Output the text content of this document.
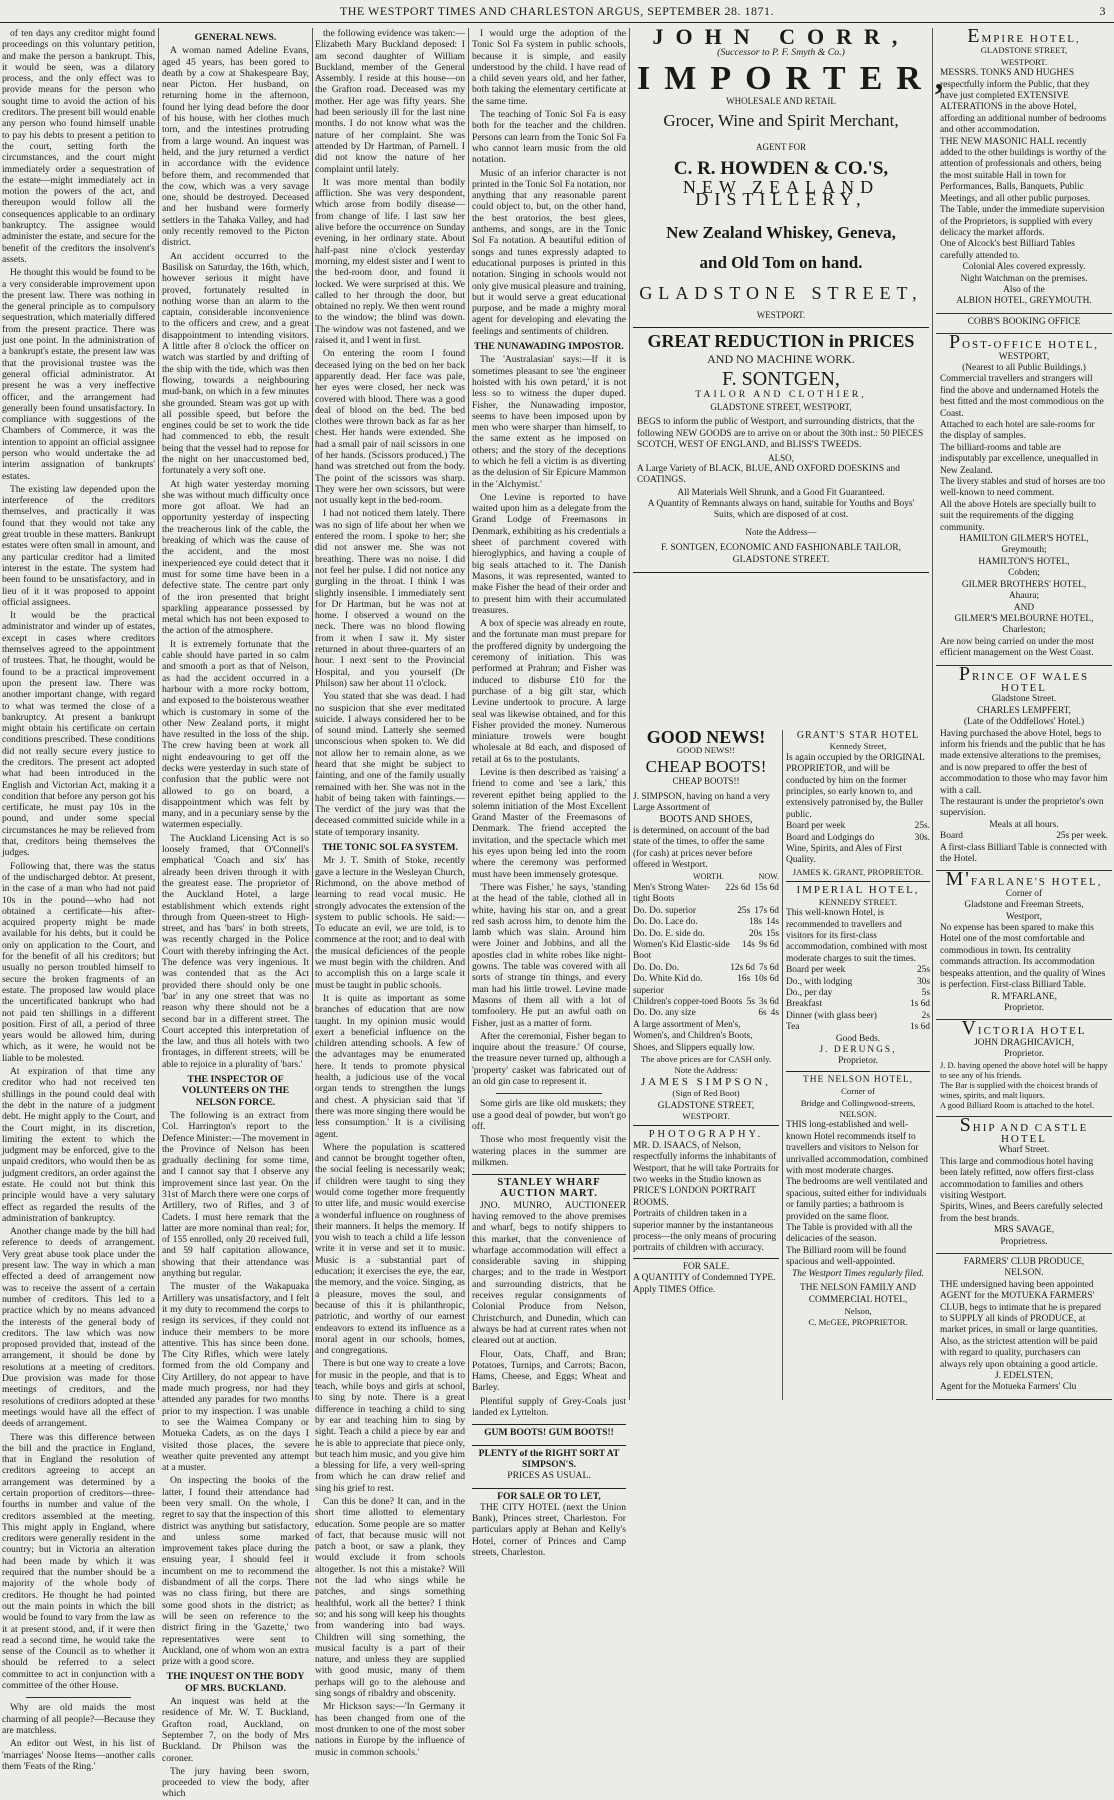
THE WESTPORT TIMES AND CHARLESTON ARGUS, SEPTEMBER 28. 1871.	3

of ten days any creditor might found proceedings on this voluntary petition, and make the person a bankrupt. This, it would be seen, was a dilatory process, and the only effect was to provide means for the person who sought time to avoid the action of his creditors. The present bill would enable any person who found himself unable to pay his debts to present a petition to the court, setting forth the circumstances, and the court might immediately order a sequestration of the estate—might immediately act in motion the powers of the act, and thereupon would follow all the consequences applicable to an ordinary bankruptcy. The assignee would administer the estate, and secure for the benefit of the creditors the insolvent's assets.

He thought this would be found to be a very considerable improvement upon the present law. There was nothing in the general principle as to compulsory sequestration, which materially differed from the present practice. There was just one point. In the administration of a bankrupt's estate, the present law was that the provisional trustee was the general official administrator. At present he was a very ineffective officer, and the arrangement had generally been found unsatisfactory. In compliance with suggestions of the Chambers of Commerce, it was the intention to appoint an official assignee person who would undertake the ad interim assignation of bankrupts' estates.

The existing law depended upon the interference of the creditors themselves, and practically it was found that they would not take any great trouble in these matters. Bankrupt estates were often small in amount, and any particular creditor had a limited interest in the estate. The system had been found to be unsatisfactory, and in lieu of it it was proposed to appoint official assignees.

It would be the practical administrator and winder up of estates, except in cases where creditors themselves agreed to the appointment of trustees. That, he thought, would be found to be a practical improvement upon the present law. There was another important change, with regard to what was termed the close of a bankruptcy. At present a bankrupt might obtain his certificate on certain conditions prescribed. These conditions did not really secure every justice to the creditors. The present act adopted what had been introduced in the English and Victorian Act, making it a condition that before any person got his certificate, he must pay 10s in the pound, and under some special circumstances he may be relieved from that, creditors being themselves the judges.

Following that, there was the status of the undischarged debtor. At present, in the case of a man who had not paid 10s in the pound—who had not obtained a certificate—his after-acquired property might be made available for his debts, but it could be only on application to the Court, and for the benefit of all his creditors; but usually no person troubled himself to secure the broken fragments of an estate. The proposed law would place the uncertificated bankrupt who had not paid ten shillings in a different position. First of all, a period of three years would be allowed him, during which, as it were, he would not be liable to be molested.

At expiration of that time any creditor who had not received ten shillings in the pound could deal with the debt in the nature of a judgment debt. He might apply to the Court, and the Court might, in its discretion, limiting the extent to which the judgment may be enforced, give to the unpaid creditors, who would then be as judgment creditors, an order against the estate. He could not but think this principle would have a very salutary effect as regarded the results of the administration of bankruptcy.

Another change made by the bill had reference to deeds of arrangement. Very great abuse took place under the present law. The way in which a man effected a deed of arrangement now was to receive the assent of a certain number of creditors. This led to a practice which by no means advanced the interests of the general body of creditors. The law which was now proposed provided that, instead of the arrangement, it should be done by resolutions at a meeting of creditors. Due provision was made for those meetings of creditors, and the resolutions of creditors adopted at these meetings would have all the effect of deeds of arrangement.

There was this difference between the bill and the practice in England, that in England the resolution of creditors agreeing to accept an arrangement was determined by a certain proportion of creditors—three-fourths in number and value of the creditors assembled at the meeting. This might apply in England, where creditors were generally resident in the country; but in Victoria an alteration had been made by which it was required that the number should be a majority of the whole body of creditors. He thought he had pointed out the main points in which the bill would be found to vary from the law as it at present stood, and, if it were then read a second time, he would take the sense of the Council as to whether it should be referred to a select committee to act in conjunction with a committee of the other House.

Why are old maids the most charming of all people?—Because they are matchless.

An editor out West, in his list of 'marriages' Noose Items—another calls them 'Feats of the Ring.'

GENERAL NEWS.

A woman named Adeline Evans, aged 45 years, has been gored to death by a cow at Shakespeare Bay, near Picton. Her husband, on returning home in the afternoon, found her lying dead before the door of his house, with her clothes much torn, and the intestines protruding from a large wound. An inquest was held, and the jury returned a verdict in accordance with the evidence before them, and recommended that the cow, which was a very savage one, should be destroyed. Deceased and her husband were formerly settlers in the Tahaka Valley, and had only recently removed to the Picton district.

An accident occurred to the Basilisk on Saturday, the 16th, which, however serious it might have proved, fortunately resulted in nothing worse than an alarm to the captain, considerable inconvenience to the officers and crew, and a great disappointment to intending visitors. A little after 8 o'clock the officer on watch was startled by and drifting of the ship with the tide, which was then flowing, towards a neighbouring mud-bank, on which in a few minutes she grounded. Steam was got up with all possible speed, but before the engines could be set to work the tide had commenced to ebb, the result being that the vessel had to repose for the night on her unaccustomed bed, fortunately a very soft one.

At high water yesterday morning she was without much difficulty once more got afloat. We had an opportunity yesterday of inspecting the treacherous link of the cable, the breaking of which was the cause of the accident, and the most inexperienced eye could detect that it must for some time have been in a defective state. The centre part only of the iron presented that bright sparkling appearance possessed by metal which has not been exposed to the action of the atmosphere.

It is extremely fortunate that the cable should have parted in so calm and smooth a port as that of Nelson, as had the accident occurred in a harbour with a more rocky bottom, and exposed to the boisterous weather which is customary in some of the other New Zealand ports, it might have resulted in the loss of the ship. The crew having been at work all night endeavouring to get off the decks were yesterday in such state of confusion that the public were not allowed to go on board, a disappointment which was felt by many, and in a pecuniary sense by the watermen especially.

The Auckland Licensing Act is so loosely framed, that O'Connell's emphatical 'Coach and six' has already been driven through it with the greatest ease. The proprietor of the Auckland Hotel, a large establishment which extends right through from Queen-street to High-street, and has 'bars' in both streets, was recently charged in the Police Court with thereby infringing the Act. The defence was very ingenious. It was contended that as the Act provided there should only be one 'bar' in any one street that was no reason why there should not be a second bar in a different street. The Court accepted this interpretation of the law, and thus all hotels with two frontages, in different streets, will be able to rejoice in a plurality of 'bars.'

THE INSPECTOR OF VOLUNTEERS ON THE NELSON FORCE.

The following is an extract from Col. Harrington's report to the Defence Minister:—The movement in the Province of Nelson has been gradually declining for some time, and I cannot say that I observe any improvement since last year. On the 31st of March there were one corps of Artillery, two of Rifles, and 3 of Cadets. I must here remark that the latter are more nominal than real; for, of 155 enrolled, only 20 received full, and 59 half capitation allowance, showing that their attendance was anything but regular.

The muster of the Wakapuaka Artillery was unsatisfactory, and I felt it my duty to recommend the corps to resign its services, if they could not induce their members to be more attentive. This has since been done. The City Rifles, which were lately formed from the old Company and City Artillery, do not appear to have made much progress, nor had they attended any parades for two months prior to my inspection. I was unable to see the Waimea Company or Motueka Cadets, as on the days I visited those places, the severe weather quite prevented any attempt at a muster.

On inspecting the books of the latter, I found their attendance had been very small. On the whole, I regret to say that the inspection of this district was anything but satisfactory, and unless some marked improvement takes place during the ensuing year, I should feel it incumbent on me to recommend the disbandment of all the corps. There was no class firing, but there are some good shots in the district; as will be seen on reference to the district firing in the 'Gazette,' two representatives were sent to Auckland, one of whom won an extra prize with a good score.

THE INQUEST ON THE BODY OF MRS. BUCKLAND.

An inquest was held at the residence of Mr. W. T. Buckland, Grafton road, Auckland, on September 7, on the body of Mrs Buckland. Dr Philson was the coroner.

The jury having been sworn, proceeded to view the body, after which

the following evidence was taken:—Elizabeth Mary Buckland deposed: I am second daughter of William Buckland, member of the General Assembly. I reside at this house—on the Grafton road. Deceased was my mother. Her age was fifty years. She had been seriously ill for the last nine months. I do not know what was the nature of her complaint. She was attended by Dr Hartman, of Parnell. I did not know the nature of her complaint until lately.

It was more mental than bodily affliction. She was very despondent, which arose from bodily disease—from change of life. I last saw her alive before the occurrence on Sunday evening, in her ordinary state. About half-past nine o'clock yesterday morning, my eldest sister and I went to the bed-room door, and found it locked. We were surprised at this. We called to her through the door, but obtained no reply. We then went round to the window; the blind was down. The window was not fastened, and we raised it, and I went in first.

On entering the room I found deceased lying on the bed on her back apparently dead. Her face was pale, her eyes were closed, her neck was covered with blood. There was a good deal of blood on the bed. The bed clothes were thrown back as far as her chest. Her hands were extended. She had a small pair of nail scissors in one of her hands. (Scissors produced.) The hand was stretched out from the body. The point of the scissors was sharp. They were her own scissors, but were not usually kept in the bed-room.

I had not noticed them lately. There was no sign of life about her when we entered the room. I spoke to her; she did not answer me. She was not breathing. There was no noise. I did not feel her pulse. I did not notice any gurgling in the throat. I think I was slightly insensible. I immediately sent for Dr Hartman, but he was not at home. I observed a wound on the neck. There was no blood flowing from it when I saw it. My sister returned in about three-quarters of an hour. I next sent to the Provincial Hospital, and you yourself (Dr Philson) saw her about 11 o'clock.

You stated that she was dead. I had no suspicion that she ever meditated suicide. I always considered her to be of sound mind. Latterly she seemed unconscious when spoken to. We did not allow her to remain alone, as we heard that she might be subject to fainting, and one of the family usually remained with her. She was not in the habit of being taken with faintings.—The verdict of the jury was that the deceased committed suicide while in a state of temporary insanity.

THE TONIC SOL FA SYSTEM.

Mr J. T. Smith of Stoke, recently gave a lecture in the Wesleyan Church, Richmond, on the above method of learning to read vocal music. He strongly advocates the extension of the system to public schools. He said:—To educate an evil, we are told, is to commence at the root; and to deal with the musical deficiences of the people we must begin with the children. And to accomplish this on a large scale it must be taught in public schools.

It is quite as important as some branches of education that are now taught. In my opinion music would exert a beneficial influence on the children attending schools. A few of the advantages may be enumerated here. It tends to promote physical health, a judicious use of the vocal organ tends to strengthen the lungs and chest. A physician said that 'if there was more singing there would be less consumption.' It is a civilising agent.

Where the population is scattered and cannot be brought together often, the social feeling is necessarily weak; if children were taught to sing they would come together more frequently to utter life, and music would exercise a wonderful influence on roughness of their manners. It helps the memory. If you wish to teach a child a life lesson write it in verse and set it to music. Music is a substantial part of education; it exercises the eye, the ear, the memory, and the voice. Singing, as a pleasure, moves the soul, and because of this it is philanthropic, patriotic, and worthy of our earnest endeavors to extend its influence as a moral agent in our schools, homes, and congregations.

There is but one way to create a love for music in the people, and that is to teach, while boys and girls at school, to sing by note. There is a great difference in teaching a child to sing by ear and teaching him to sing by sight. Teach a child a piece by ear and he is able to appreciate that piece only, but teach him music, and you give him a blessing for life, a very well-spring from which he can draw relief and sing his grief to rest.

Can this be done? It can, and in the short time allotted to elementary education. Some people are so matter of fact, that because music will not patch a boot, or saw a plank, they would exclude it from schools altogether. Is not this a mistake? Will not the lad who sings while he patches, and sings something healthful, work all the better? I think so; and his song will keep his thoughts from wandering into bad ways. Children will sing something, the musical faculty is a part of their nature, and unless they are supplied with good music, many of them perhaps will go to the alehouse and sing songs of ribaldry and obscenity.

Mr Hickson says:—'In Germany it has been changed from one of the most drunken to one of the most sober nations in Europe by the influence of music in common schools.'

I would urge the adoption of the Tonic Sol Fa system in public schools, because it is simple, and easily understood by the child. I have read of a child seven years old, and her father, both taking the elementary certificate at the same time.

The teaching of Tonic Sol Fa is easy both for the teacher and the children. Persons can learn from the Tonic Sol Fa who cannot learn music from the old notation.

Music of an inferior character is not printed in the Tonic Sol Fa notation, nor anything that any reasonable parent could object to, but, on the other hand, the best oratorios, the best glees, anthems, and songs, are in the Tonic Sol Fa notation. A beautiful edition of songs and tunes expressly adapted to educational purposes is printed in this notation. Singing in schools would not only give musical pleasure and training, but it would serve a great educational purpose, and be made a mighty moral agent for developing and elevating the feelings and sentiments of children.

THE NUNAWADING IMPOSTOR.

The 'Australasian' says:—If it is sometimes pleasant to see 'the engineer hoisted with his own petard,' it is not less so to witness the duper duped. Fisher, the Nunawading impostor, seems to have been imposed upon by men who were sharper than himself, to the same extent as he imposed on others; and the story of the deceptions to which he fell a victim is as diverting as the delusion of Sir Epicure Mammon in the 'Alchymist.'

One Levine is reported to have waited upon him as a delegate from the Grand Lodge of Freemasons in Denmark, exhibiting as his credentials a sheet of parchment covered with hieroglyphics, and having a couple of big seals attached to it. The Danish Masons, it was represented, wanted to make Fisher the head of their order and to present him with their accumulated treasures.

A box of specie was already en route, and the fortunate man must prepare for the proffered dignity by undergoing the ceremony of initiation. This was performed at Prahran; and Fisher was induced to disburse £10 for the purchase of a big gilt star, which Levine undertook to procure. A large seal was likewise obtained, and for this Fisher provided the money. Numerous miniature trowels were bought wholesale at 8d each, and disposed of retail at 6s to the postulants.

Levine is then described as 'raising' a friend to come and 'see a lark,' this reverent epithet being applied to the solemn initiation of the Most Excellent Grand Master of the Freemasons of Denmark. The friend accepted the invitation, and the spectacle which met his eyes upon being led into the room where the ceremony was performed must have been immensely grotesque.

'There was Fisher,' he says, 'standing at the head of the table, clothed all in white, having his star on, and a great red sash across him, to denote him the lamb which was slain. Around him were Joiner and Jobbins, and all the apostles clad in white robes like night-gowns. The table was covered with all sorts of strange tin things, and every man had his little trowel. Levine made Masons of them all with a lot of tomfoolery. He put an awful oath on Fisher, just as a matter of form.

After the ceremonial, Fisher began to inquire about the treasure.' Of course, the treasure never turned up, although a 'property' casket was fabricated out of an old gin case to represent it.

Some girls are like old muskets; they use a good deal of powder, but won't go off.

Those who most frequently visit the watering places in the summer are milkmen.

STANLEY WHARF AUCTION MART.

JNO. MUNRO, AUCTIONEER having removed to the above premises and wharf, begs to notify shippers to this market, that the convenience of wharfage accommodation will effect a considerable saving in shipping charges; and to the trade in Westport and surrounding districts, that he receives regular consignments of Colonial Produce from Nelson, Christchurch, and Dunedin, which can always be had at current rates when not cleared out at auction.

Flour, Oats, Chaff, and Bran; Potatoes, Turnips, and Carrots; Bacon, Hams, Cheese, and Eggs; Wheat and Barley.

Plentiful supply of Grey-Coals just landed ex Lyttelton.

GUM BOOTS! GUM BOOTS!!
PLENTY of the RIGHT SORT AT SIMPSON'S.
PRICES AS USUAL.
FOR SALE OR TO LET,

THE CITY HOTEL (next the Union Bank), Princes street, Charleston. For particulars apply at Behan and Kelly's Hotel, corner of Princes and Camp streets, Charleston.

JOHN CORR,
(Successor to P. F. Smyth & Co.)
IMPORTER,
WHOLESALE AND RETAIL
Grocer, Wine and Spirit Merchant,
AGENT FOR
C. R. HOWDEN & CO.'S,
NEW ZEALAND DISTILLERY,
New Zealand Whiskey, Geneva,
and Old Tom on hand.
GLADSTONE STREET,
WESTPORT.
GREAT REDUCTION in PRICES
AND NO MACHINE WORK.
F. SONTGEN,
TAILOR AND CLOTHIER,
GLADSTONE STREET, WESTPORT,
BEGS to inform the public of Westport, and surrounding districts, that the following NEW GOODS are to arrive on or about the 30th inst.: 50 PIECES SCOTCH, WEST OF ENGLAND, and BLISS'S TWEEDS.
ALSO,
A Large Variety of BLACK, BLUE, AND OXFORD DOESKINS and COATINGS.
All Materials Well Shrunk, and a Good Fit Guaranteed.
A Quantity of Remnants always on hand, suitable for Youths and Boys' Suits, which are disposed of at cost.
Note the Address—
F. SONTGEN, ECONOMIC AND FASHIONABLE TAILOR,
GLADSTONE STREET.
GOOD NEWS!
GOOD NEWS!!
CHEAP BOOTS!
CHEAP BOOTS!!
J. SIMPSON, having on hand a very Large Assortment of
BOOTS AND SHOES,
is determined, on account of the bad state of the times, to offer the same (for cash) at prices never before offered in Westport.
WORTH.	NOW.
Men's Strong Water-tight Boots
22s 6d 15s 6d
Do. Do. superior	25s 17s 6d
Do. Do. Lace do.	18s 14s
Do. Do. E. side do.	20s 15s
Women's Kid Elastic-side Boot
14s 9s 6d
Do. Do. Do.	12s 6d 7s 6d
Do. White Kid do. superior
16s 10s 6d
Children's copper-toed Boots 5s 3s 6d
Do. Do. any size	6s 4s
A large assortment of Men's, Women's, and Children's Boots, Shoes, and Slippers equally low.
The above prices are for CASH only.
Note the Address:
JAMES SIMPSON,
(Sign of Red Boot)
GLADSTONE STREET,
WESTPORT.
PHOTOGRAPHY.
MR. D. ISAACS, of Nelson, respectfully informs the inhabitants of Westport, that he will take Portraits for two weeks in the Studio known as PRICE'S LONDON PORTRAIT ROOMS.
Portraits of children taken in a superior manner by the instantaneous process—the only means of procuring portraits of children with accuracy.
FOR SALE.
A QUANTITY of Condemned TYPE.
Apply TIMES Office.
GRANT'S STAR HOTEL
Kennedy Street,
Is again occupied by the ORIGINAL PROPRIETOR, and will be conducted by him on the former principles, so early known to, and extensively patronised by, the Buller public.
Board per week	25s.
Board and Lodgings do	30s.
Wine, Spirits, and Ales of First Quality.
JAMES K. GRANT, PROPRIETOR.
IMPERIAL HOTEL,
KENNEDY STREET.
This well-known Hotel, is recommended to travellers and visitors for its first-class accommodation, combined with most moderate charges to suit the times.
Board per week	25s
Do., with lodging	30s
Do., per day	5s
Breakfast	1s 6d
Dinner (with glass beer)	2s
Tea	1s 6d
Good Beds.
J. DERUNGS,
Proprietor.
THE NELSON HOTEL,
Corner of
Bridge and Collingwood-streets,
NELSON.
THIS long-established and well-known Hotel recommends itself to travellers and visitors to Nelson for unrivalled accommodation, combined with most moderate charges.
The bedrooms are well ventilated and spacious, suited either for individuals or family parties; a bathroom is provided on the same floor.
The Table is provided with all the delicacies of the season.
The Billiard room will be found spacious and well-appointed.
The Westport Times regularly filed.
THE NELSON FAMILY AND COMMERCIAL HOTEL,
Nelson,
C. McGEE, PROPRIETOR.
EMPIRE HOTEL,
GLADSTONE STREET,
WESTPORT.
MESSRS. TONKS AND HUGHES respectfully inform the Public, that they have just completed EXTENSIVE ALTERATIONS in the above Hotel, affording an additional number of bedrooms and other accommodation.
THE NEW MASONIC HALL recently added to the other buildings is worthy of the attention of professionals and others, being the most suitable Hall in town for Performances, Balls, Banquets, Public Meetings, and all other public purposes.
The Table, under the immediate supervision of the Proprietors, is supplied with every delicacy the market affords.
One of Alcock's best Billiard Tables carefully attended to.
Colonial Ales covered expressly.
Night Watchman on the premises.
Also of the
ALBION HOTEL, GREYMOUTH.
COBB'S BOOKING OFFICE
POST-OFFICE HOTEL,
WESTPORT,
(Nearest to all Public Buildings.)
Commercial travellers and strangers will find the above and undernamed Hotels the best fitted and the most commodious on the Coast.
Attached to each hotel are sale-rooms for the display of samples.
The billiard-rooms and table are indisputably par excellence, unequalled in New Zealand.
The livery stables and stud of horses are too well-known to need comment.
All the above Hotels are specially built to suit the requirements of the digging community.
HAMILTON GILMER'S HOTEL,
Greymouth;
HAMILTON'S HOTEL,
Cobden;
GILMER BROTHERS' HOTEL,
Ahaura;
AND
GILMER'S MELBOURNE HOTEL,
Charleston;
Are now being carried on under the most efficient management on the West Coast.
PRINCE OF WALES HOTEL
Gladstone Street.
CHARLES LEMPFERT,
(Late of the Oddfellows' Hotel.)
Having purchased the above Hotel, begs to inform his friends and the public that he has made extensive alterations to the premises, and is now prepared to offer the best of accommodation to those who may favor him with a call.
The restaurant is under the proprietor's own supervision.
Meals at all hours.
Board	25s per week.
A first-class Billiard Table is connected with the Hotel.
M'FARLANE'S HOTEL,
Corner of
Gladstone and Freeman Streets,
Westport,
No expense has been spared to make this Hotel one of the most comfortable and commodious in town. Its centrality commands attraction. Its accommodation bespeaks attention, and the quality of Wines is perfection. First-class Billiard Table.
R. M'FARLANE,
Proprietor.
VICTORIA HOTEL
JOHN DRAGHICAVICH,
Proprietor.
J. D. having opened the above hotel will be happy to see any of his friends.
The Bar is supplied with the choicest brands of wines, spirits, and malt liquors.
A good Billiard Room is attached to the hotel.
SHIP AND CASTLE HOTEL
Wharf Street.
This large and commodious hotel having been lately refitted, now offers first-class accommodation to families and others visiting Westport.
Spirits, Wines, and Beers carefully selected from the best brands.
MRS SAVAGE,
Proprietress.
FARMERS' CLUB PRODUCE,
NELSON.
THE undersigned having been appointed AGENT for the MOTUEKA FARMERS' CLUB, begs to intimate that he is prepared to SUPPLY all kinds of PRODUCE, at market prices, in small or large quantities. Also, as the strictest attention will be paid with regard to quality, purchasers can always rely upon obtaining a good article.
J. EDELSTEN,
Agent for the Motueka Farmers' Clu
